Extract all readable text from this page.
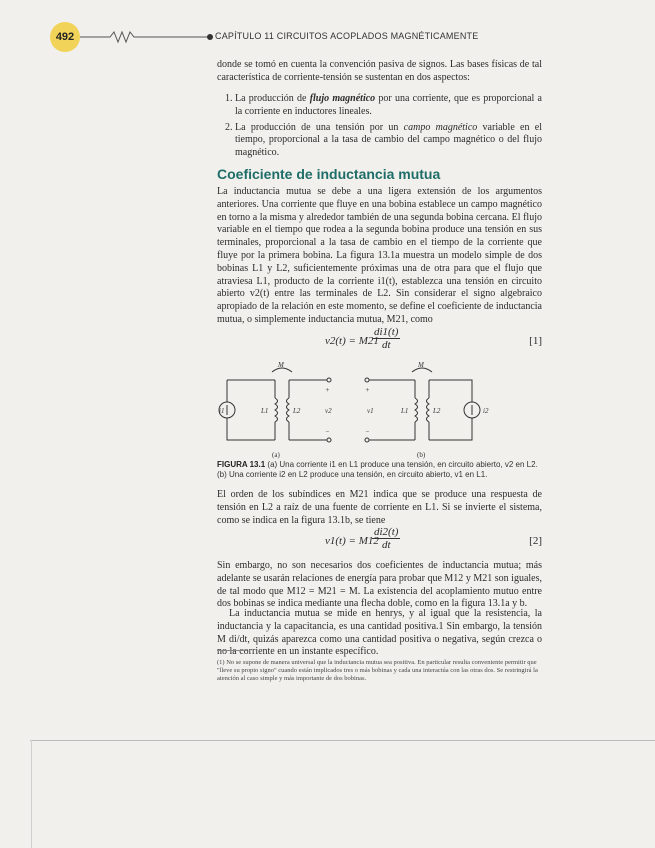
492	CAPÍTULO 11 CIRCUITOS ACOPLADOS MAGNÉTICAMENTE
donde se tomó en cuenta la convención pasiva de signos. Las bases físicas de tal característica de corriente-tensión se sustentan en dos aspectos:
1. La producción de flujo magnético por una corriente, que es proporcional a la corriente en inductores lineales.
2. La producción de una tensión por un campo magnético variable en el tiempo, proporcional a la tasa de cambio del campo magnético o del flujo magnético.
Coeficiente de inductancia mutua
La inductancia mutua se debe a una ligera extensión de los argumentos anteriores. Una corriente que fluye en una bobina establece un campo magnético en torno a la misma y alrededor también de una segunda bobina cercana. El flujo variable en el tiempo que rodea a la segunda bobina produce una tensión en sus terminales, proporcional a la tasa de cambio en el tiempo de la corriente que fluye por la primera bobina. La figura 13.1a muestra un modelo simple de dos bobinas L1 y L2, suficientemente próximas una de otra para que el flujo que atraviesa L1, producto de la corriente i1(t), establezca una tensión en circuito abierto v2(t) entre las terminales de L2. Sin considerar el signo algebraico apropiado de la relación en este momento, se define el coeficiente de inductancia mutua, o simplemente inductancia mutua, M21, como
v2(t) = M21
$\frac{di1(t)}{dt}$	[1]
i1	L1	L2
M
v2
+
−
v1
+
−
L1	L2
M
i2
(a)	(b)
FIGURA 13.1 (a) Una corriente i1 en L1 produce una tensión, en circuito abierto, v2 en L2.
(b) Una corriente i2 en L2 produce una tensión, en circuito abierto, v1 en L1.
El orden de los subíndices en M21 indica que se produce una respuesta de tensión en L2 a raíz de una fuente de corriente en L1. Si se invierte el sistema, como se indica en la figura 13.1b, se tiene
v1(t) = M12
$\frac{di2(t)}{dt}$	[2]
Sin embargo, no son necesarios dos coeficientes de inductancia mutua; más adelante se usarán relaciones de energía para probar que M12 y M21 son iguales, de tal modo que M12 = M21 = M. La existencia del acoplamiento mutuo entre dos bobinas se indica mediante una flecha doble, como en la figura 13.1a y b.
La inductancia mutua se mide en henrys, y al igual que la resistencia, la inductancia y la capacitancia, es una cantidad positiva.1 Sin embargo, la tensión M di/dt, quizás aparezca como una cantidad positiva o negativa, según crezca o no la corriente en un instante específico.
(1) No se supone de manera universal que la inductancia mutua sea positiva. En particular resulta conveniente permitir que "lleve su propio signo" cuando están implicados tres o más bobinas y cada una interactúa con las otras dos. Se restringirá la atención al caso simple y más importante de dos bobinas.
